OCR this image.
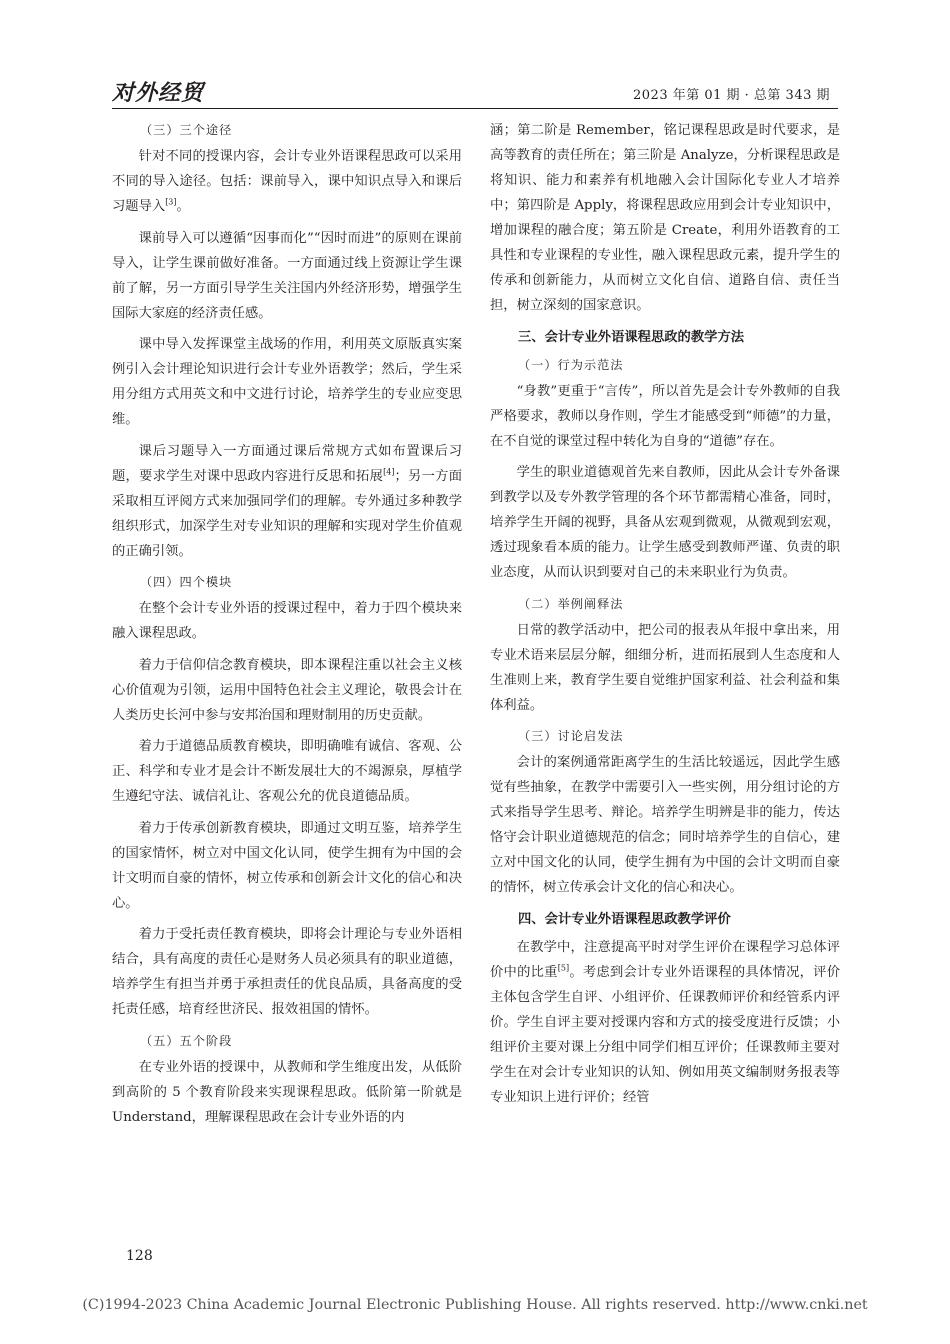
对外经贸	2023 年第 01 期 · 总第 343 期
（三）三个途径

针对不同的授课内容，会计专业外语课程思政可以采用不同的导入途径。包括：课前导入，课中知识点导入和课后习题导入[3]。

课前导入可以遵循“因事而化”“因时而进”的原则在课前导入，让学生课前做好准备。一方面通过线上资源让学生课前了解，另一方面引导学生关注国内外经济形势，增强学生国际大家庭的经济责任感。

课中导入发挥课堂主战场的作用，利用英文原版真实案例引入会计理论知识进行会计专业外语教学；然后，学生采用分组方式用英文和中文进行讨论，培养学生的专业应变思维。

课后习题导入一方面通过课后常规方式如布置课后习题，要求学生对课中思政内容进行反思和拓展[4]；另一方面采取相互评阅方式来加强同学们的理解。专外通过多种教学组织形式，加深学生对专业知识的理解和实现对学生价值观的正确引领。

（四）四个模块

在整个会计专业外语的授课过程中，着力于四个模块来融入课程思政。

着力于信仰信念教育模块，即本课程注重以社会主义核心价值观为引领，运用中国特色社会主义理论，敬畏会计在人类历史长河中参与安邦治国和理财制用的历史贡献。

着力于道德品质教育模块，即明确唯有诚信、客观、公正、科学和专业才是会计不断发展壮大的不竭源泉，厚植学生遵纪守法、诚信礼让、客观公允的优良道德品质。

着力于传承创新教育模块，即通过文明互鉴，培养学生的国家情怀，树立对中国文化认同，使学生拥有为中国的会计文明而自豪的情怀，树立传承和创新会计文化的信心和决心。

着力于受托责任教育模块，即将会计理论与专业外语相结合，具有高度的责任心是财务人员必须具有的职业道德，培养学生有担当并勇于承担责任的优良品质，具备高度的受托责任感，培育经世济民、报效祖国的情怀。

（五）五个阶段

在专业外语的授课中，从教师和学生维度出发，从低阶到高阶的 5 个教育阶段来实现课程思政。低阶第一阶就是 Understand，理解课程思政在会计专业外语的内

涵；第二阶是 Remember，铭记课程思政是时代要求，是高等教育的责任所在；第三阶是 Analyze，分析课程思政是将知识、能力和素养有机地融入会计国际化专业人才培养中；第四阶是 Apply，将课程思政应用到会计专业知识中，增加课程的融合度；第五阶是 Create，利用外语教育的工具性和专业课程的专业性，融入课程思政元素，提升学生的传承和创新能力，从而树立文化自信、道路自信、责任当担，树立深刻的国家意识。

三、会计专业外语课程思政的教学方法
（一）行为示范法

“身教”更重于“言传”，所以首先是会计专外教师的自我严格要求，教师以身作则，学生才能感受到“师德”的力量，在不自觉的课堂过程中转化为自身的“道德”存在。

学生的职业道德观首先来自教师，因此从会计专外备课到教学以及专外教学管理的各个环节都需精心准备，同时，培养学生开阔的视野，具备从宏观到微观，从微观到宏观，透过现象看本质的能力。让学生感受到教师严谨、负责的职业态度，从而认识到要对自己的未来职业行为负责。

（二）举例阐释法

日常的教学活动中，把公司的报表从年报中拿出来，用专业术语来层层分解，细细分析，进而拓展到人生态度和人生准则上来，教育学生要自觉维护国家利益、社会利益和集体利益。

（三）讨论启发法

会计的案例通常距离学生的生活比较遥远，因此学生感觉有些抽象，在教学中需要引入一些实例，用分组讨论的方式来指导学生思考、辩论。培养学生明辨是非的能力，传达恪守会计职业道德规范的信念；同时培养学生的自信心，建立对中国文化的认同，使学生拥有为中国的会计文明而自豪的情怀，树立传承会计文化的信心和决心。

四、会计专业外语课程思政教学评价

在教学中，注意提高平时对学生评价在课程学习总体评价中的比重[5]。考虑到会计专业外语课程的具体情况，评价主体包含学生自评、小组评价、任课教师评价和经管系内评价。学生自评主要对授课内容和方式的接受度进行反馈；小组评价主要对课上分组中同学们相互评价；任课教师主要对学生在对会计专业知识的认知、例如用英文编制财务报表等专业知识上进行评价；经管

128
(C)1994-2023 China Academic Journal Electronic Publishing House. All rights reserved. http://www.cnki.net
